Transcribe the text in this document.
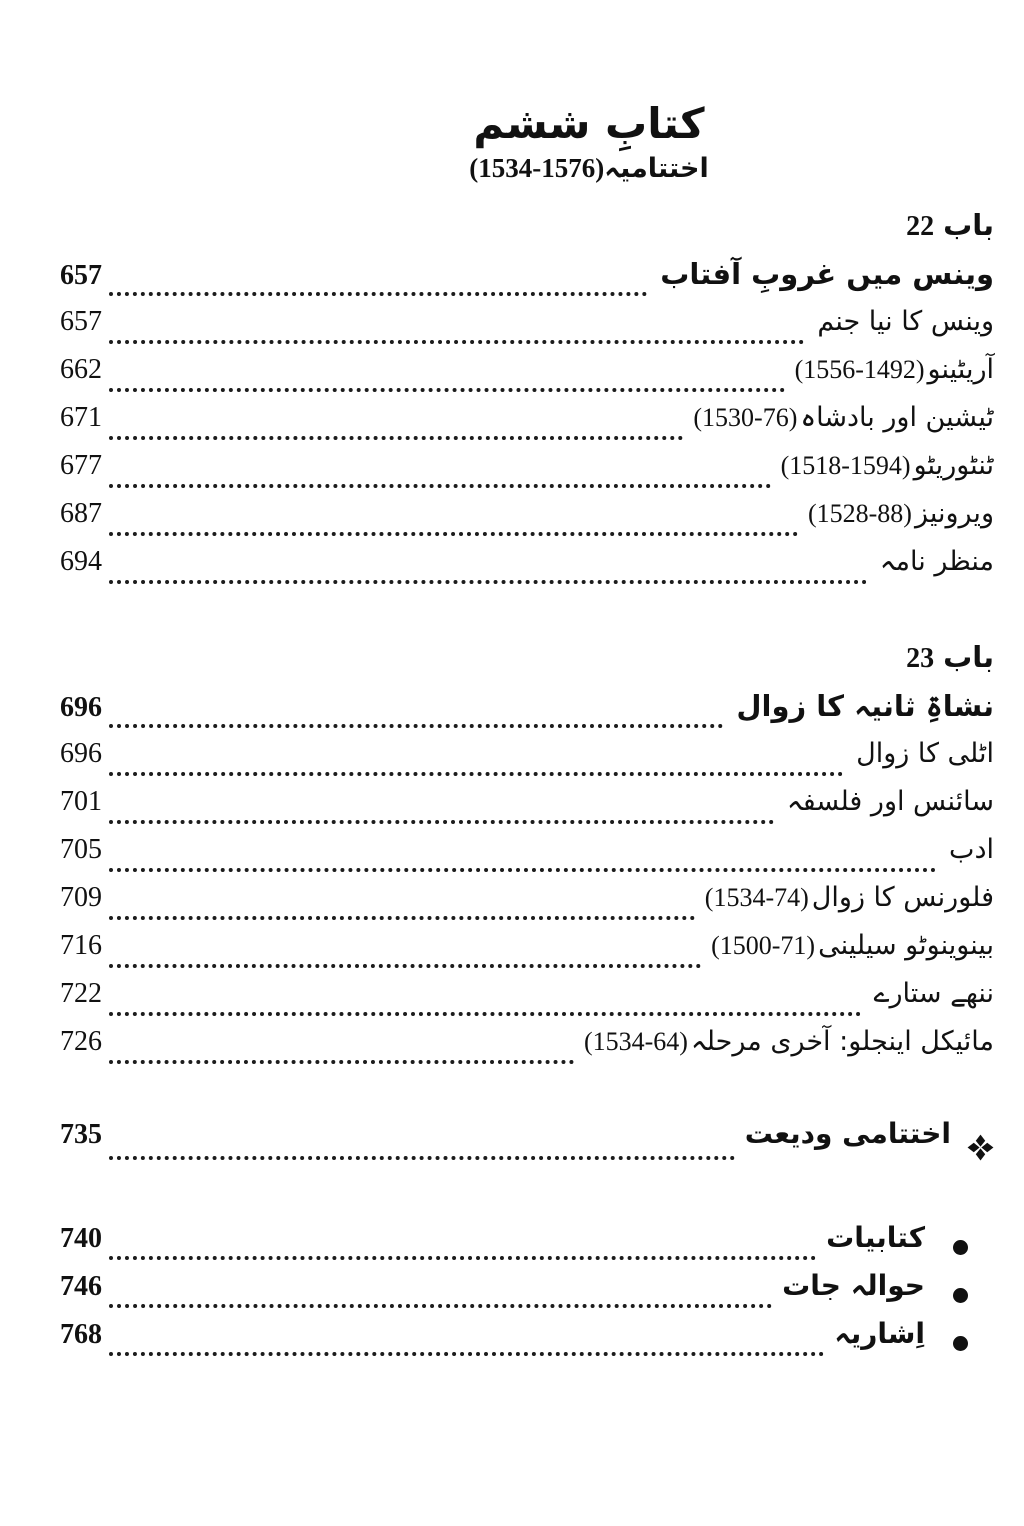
کتابِ ششم
(1534-1576) اختتامیہ
22 باب
657	وینس میں غروبِ آفتاب
657	وینس کا نیا جنم
662	(1556-1492) آریٹینو
671	(1530-76) ٹیشین اور بادشاہ
677	(1518-1594) ٹنٹوریٹو
687	(1528-88) ویرونیز
694	منظر نامہ
23 باب
696	نشاۃِ ثانیہ کا زوال
696	اٹلی کا زوال
701	سائنس اور فلسفہ
705	ادب
709	(1534-74) فلورنس کا زوال
716	(1500-71) بینوینوٹو سیلینی
722	ننھے ستارے
726	(1534-64) مائیکل اینجلو: آخری مرحلہ
735	اختتامی ودیعت
740	کتابیات
746	حوالہ جات
768	اِشاریہ
